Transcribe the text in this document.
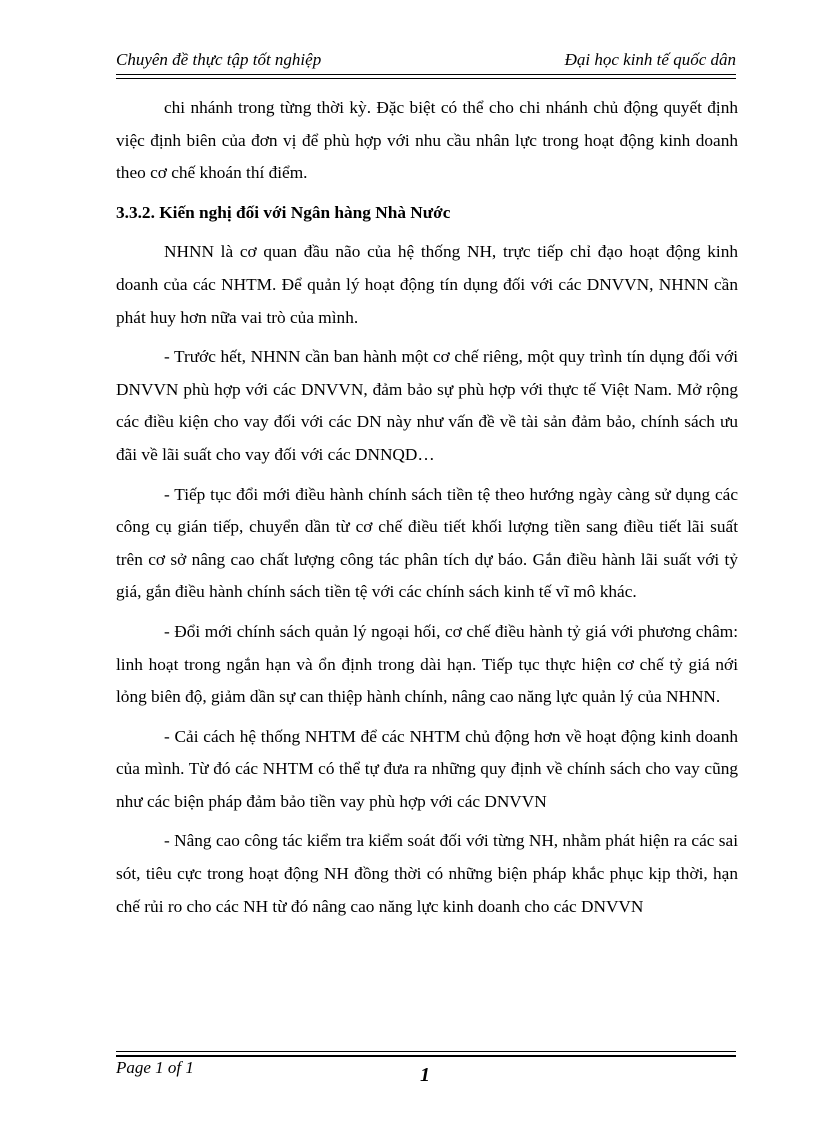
Chuyên đề thực tập tốt nghiệp	Đại học kinh tế quốc dân

chi nhánh trong từng thời kỳ. Đặc biệt có thể cho chi nhánh chủ động quyết định việc định biên của đơn vị để phù hợp với nhu cầu nhân lực trong hoạt động kinh doanh theo cơ chế khoán thí điểm.

3.3.2. Kiến nghị đối với Ngân hàng Nhà Nước

NHNN là cơ quan đầu não của hệ thống NH, trực tiếp chỉ đạo hoạt động kinh doanh của các NHTM. Để quản lý hoạt động tín dụng đối với các DNVVN, NHNN cần phát huy hơn nữa vai trò của mình.

- Trước hết, NHNN cần ban hành một cơ chế riêng, một quy trình tín dụng đối với DNVVN phù hợp với các DNVVN, đảm bảo sự phù hợp với thực tế Việt Nam. Mở rộng các điều kiện cho vay đối với các DN này như vấn đề về tài sản đảm bảo, chính sách ưu đãi về lãi suất cho vay đối với các DNNQD…

- Tiếp tục đổi mới điều hành chính sách tiền tệ theo hướng ngày càng sử dụng các công cụ gián tiếp, chuyển dần từ cơ chế điều tiết khối lượng tiền sang điều tiết lãi suất trên cơ sở nâng cao chất lượng công tác phân tích dự báo. Gắn điều hành lãi suất với tỷ giá, gắn điều hành chính sách tiền tệ với các chính sách kinh tế vĩ mô khác.

- Đổi mới chính sách quản lý ngoại hối, cơ chế điều hành tỷ giá với phương châm: linh hoạt trong ngắn hạn và ổn định trong dài hạn. Tiếp tục thực hiện cơ chế tỷ giá nới lỏng biên độ, giảm dần sự can thiệp hành chính, nâng cao năng lực quản lý của NHNN.

- Cải cách hệ thống NHTM để các NHTM chủ động hơn về hoạt động kinh doanh của mình. Từ đó các NHTM có thể tự đưa ra những quy định về chính sách cho vay cũng như các biện pháp đảm bảo tiền vay phù hợp với các DNVVN

- Nâng cao công tác kiểm tra kiểm soát đối với từng NH, nhằm phát hiện ra các sai sót, tiêu cực trong hoạt động NH đồng thời có những biện pháp khắc phục kịp thời, hạn chế rủi ro cho các NH từ đó nâng cao năng lực kinh doanh cho các DNVVN

Page 1 of 1	1
